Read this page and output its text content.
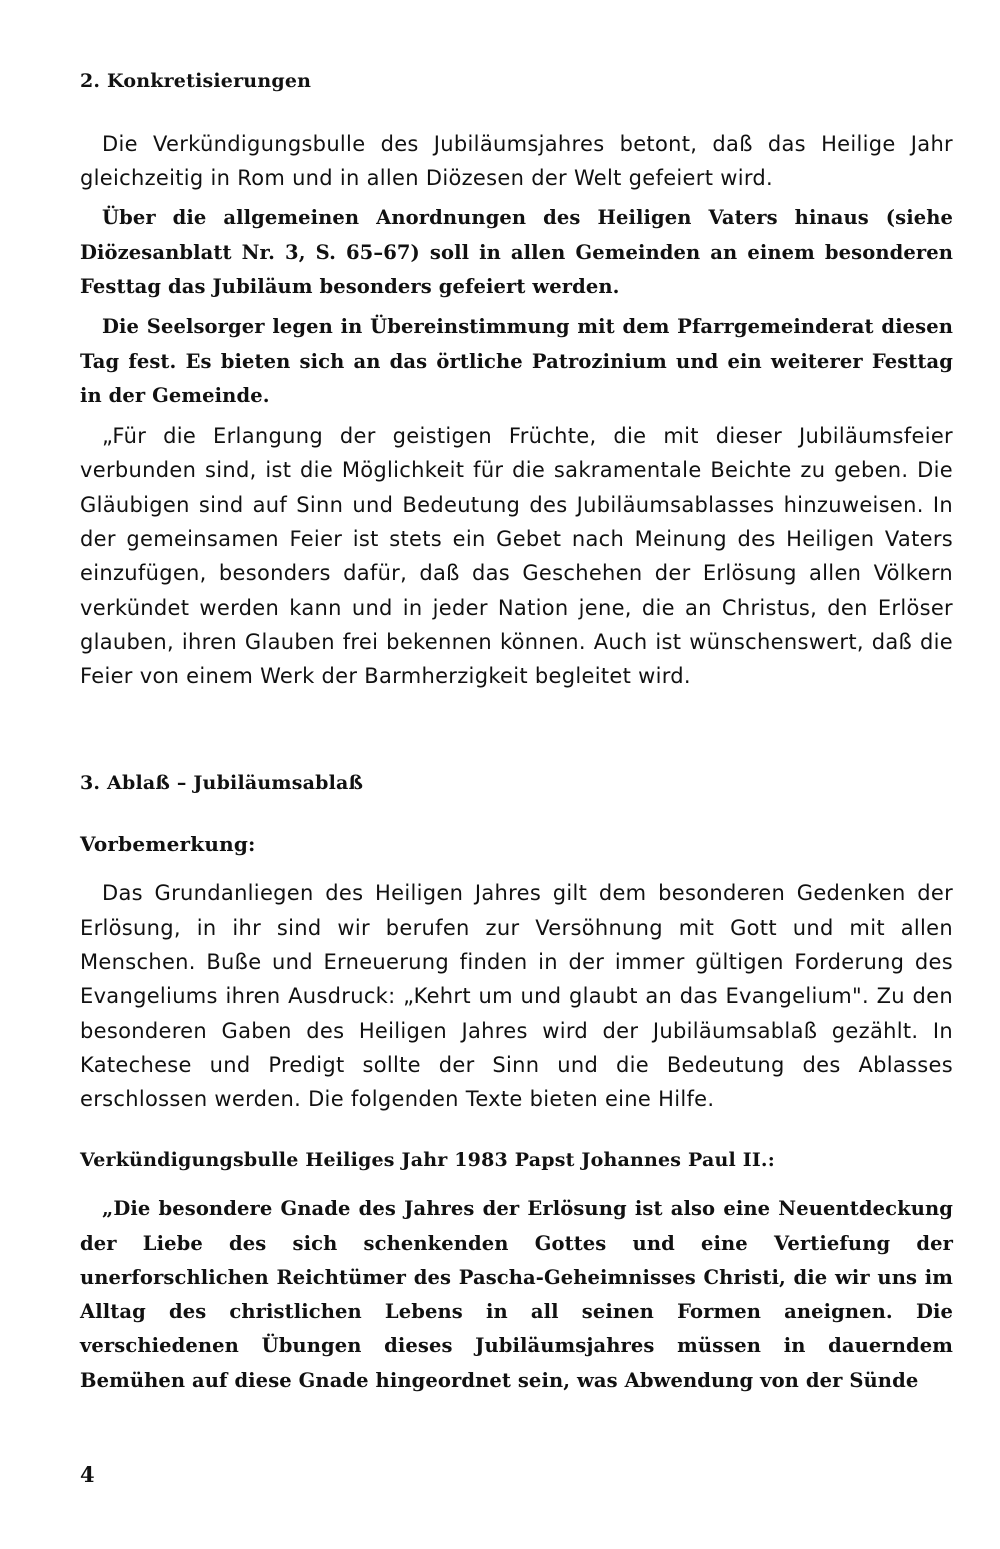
2. Konkretisierungen

Die Verkündigungsbulle des Jubiläumsjahres betont, daß das Heilige Jahr gleichzeitig in Rom und in allen Diözesen der Welt gefeiert wird.

Über die allgemeinen Anordnungen des Heiligen Vaters hinaus (siehe Diözesanblatt Nr. 3, S. 65–67) soll in allen Gemeinden an einem besonderen Festtag das Jubiläum besonders gefeiert werden.

Die Seelsorger legen in Übereinstimmung mit dem Pfarrgemeinderat diesen Tag fest. Es bieten sich an das örtliche Patrozinium und ein weiterer Festtag in der Gemeinde.

„Für die Erlangung der geistigen Früchte, die mit dieser Jubiläumsfeier verbunden sind, ist die Möglichkeit für die sakramentale Beichte zu geben. Die Gläubigen sind auf Sinn und Bedeutung des Jubiläumsablasses hinzuweisen. In der gemeinsamen Feier ist stets ein Gebet nach Meinung des Heiligen Vaters einzufügen, besonders dafür, daß das Geschehen der Erlösung allen Völkern verkündet werden kann und in jeder Nation jene, die an Christus, den Erlöser glauben, ihren Glauben frei bekennen können. Auch ist wünschenswert, daß die Feier von einem Werk der Barmherzigkeit begleitet wird.

3. Ablaß – Jubiläumsablaß
Vorbemerkung:

Das Grundanliegen des Heiligen Jahres gilt dem besonderen Gedenken der Erlösung, in ihr sind wir berufen zur Versöhnung mit Gott und mit allen Menschen. Buße und Erneuerung finden in der immer gültigen Forderung des Evangeliums ihren Ausdruck: „Kehrt um und glaubt an das Evangelium". Zu den besonderen Gaben des Heiligen Jahres wird der Jubiläumsablaß gezählt. In Katechese und Predigt sollte der Sinn und die Bedeutung des Ablasses erschlossen werden. Die folgenden Texte bieten eine Hilfe.

Verkündigungsbulle Heiliges Jahr 1983 Papst Johannes Paul II.:

„Die besondere Gnade des Jahres der Erlösung ist also eine Neuentdeckung der Liebe des sich schenkenden Gottes und eine Vertiefung der unerforschlichen Reichtümer des Pascha-Geheimnisses Christi, die wir uns im Alltag des christlichen Lebens in all seinen Formen aneignen. Die verschiedenen Übungen dieses Jubiläumsjahres müssen in dauerndem Bemühen auf diese Gnade hingeordnet sein, was Abwendung von der Sünde

4
